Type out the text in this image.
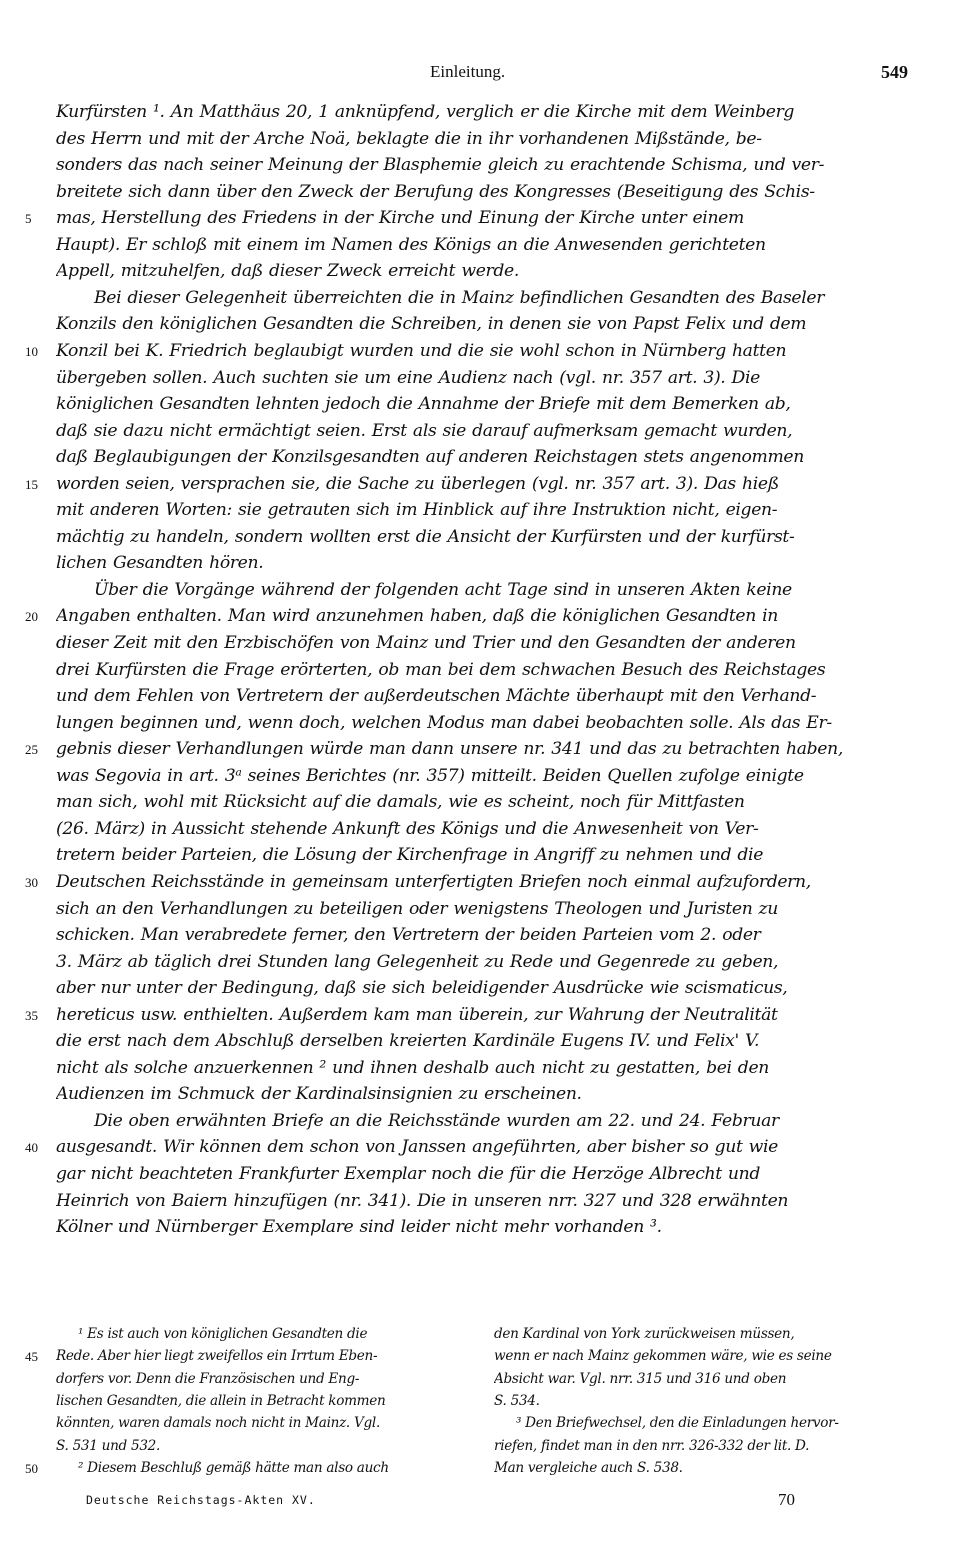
Einleitung.	549
Kurfürsten ¹. An Matthäus 20, 1 anknüpfend, verglich er die Kirche mit dem Weinberg
des Herrn und mit der Arche Noä, beklagte die in ihr vorhandenen Mißstände, be-
sonders das nach seiner Meinung der Blasphemie gleich zu erachtende Schisma, und ver-
breitete sich dann über den Zweck der Berufung des Kongresses (Beseitigung des Schis-
mas, Herstellung des Friedens in der Kirche und Einung der Kirche unter einem
Haupt). Er schloß mit einem im Namen des Königs an die Anwesenden gerichteten
Appell, mitzuhelfen, daß dieser Zweck erreicht werde.
Bei dieser Gelegenheit überreichten die in Mainz befindlichen Gesandten des Baseler
Konzils den königlichen Gesandten die Schreiben, in denen sie von Papst Felix und dem
Konzil bei K. Friedrich beglaubigt wurden und die sie wohl schon in Nürnberg hatten
übergeben sollen. Auch suchten sie um eine Audienz nach (vgl. nr. 357 art. 3). Die
königlichen Gesandten lehnten jedoch die Annahme der Briefe mit dem Bemerken ab,
daß sie dazu nicht ermächtigt seien. Erst als sie darauf aufmerksam gemacht wurden,
daß Beglaubigungen der Konzilsgesandten auf anderen Reichstagen stets angenommen
worden seien, versprachen sie, die Sache zu überlegen (vgl. nr. 357 art. 3). Das hieß
mit anderen Worten: sie getrauten sich im Hinblick auf ihre Instruktion nicht, eigen-
mächtig zu handeln, sondern wollten erst die Ansicht der Kurfürsten und der kurfürst-
lichen Gesandten hören.
Über die Vorgänge während der folgenden acht Tage sind in unseren Akten keine
Angaben enthalten. Man wird anzunehmen haben, daß die königlichen Gesandten in
dieser Zeit mit den Erzbischöfen von Mainz und Trier und den Gesandten der anderen
drei Kurfürsten die Frage erörterten, ob man bei dem schwachen Besuch des Reichstages
und dem Fehlen von Vertretern der außerdeutschen Mächte überhaupt mit den Verhand-
lungen beginnen und, wenn doch, welchen Modus man dabei beobachten solle. Als das Er-
gebnis dieser Verhandlungen würde man dann unsere nr. 341 und das zu betrachten haben,
was Segovia in art. 3ᵃ seines Berichtes (nr. 357) mitteilt. Beiden Quellen zufolge einigte
man sich, wohl mit Rücksicht auf die damals, wie es scheint, noch für Mittfasten
(26. März) in Aussicht stehende Ankunft des Königs und die Anwesenheit von Ver-
tretern beider Parteien, die Lösung der Kirchenfrage in Angriff zu nehmen und die
Deutschen Reichsstände in gemeinsam unterfertigten Briefen noch einmal aufzufordern,
sich an den Verhandlungen zu beteiligen oder wenigstens Theologen und Juristen zu
schicken. Man verabredete ferner, den Vertretern der beiden Parteien vom 2. oder
3. März ab täglich drei Stunden lang Gelegenheit zu Rede und Gegenrede zu geben,
aber nur unter der Bedingung, daß sie sich beleidigender Ausdrücke wie scismaticus,
hereticus usw. enthielten. Außerdem kam man überein, zur Wahrung der Neutralität
die erst nach dem Abschluß derselben kreierten Kardinäle Eugens IV. und Felix' V.
nicht als solche anzuerkennen ² und ihnen deshalb auch nicht zu gestatten, bei den
Audienzen im Schmuck der Kardinalsinsignien zu erscheinen.
Die oben erwähnten Briefe an die Reichsstände wurden am 22. und 24. Februar
ausgesandt. Wir können dem schon von Janssen angeführten, aber bisher so gut wie
gar nicht beachteten Frankfurter Exemplar noch die für die Herzöge Albrecht und
Heinrich von Baiern hinzufügen (nr. 341). Die in unseren nrr. 327 und 328 erwähnten
Kölner und Nürnberger Exemplare sind leider nicht mehr vorhanden ³.
5
10
15
20
25
30
35
40
¹ Es ist auch von königlichen Gesandten die
Rede. Aber hier liegt zweifellos ein Irrtum Eben-
dorfers vor. Denn die Französischen und Eng-
lischen Gesandten, die allein in Betracht kommen
könnten, waren damals noch nicht in Mainz. Vgl.
S. 531 und 532.
² Diesem Beschluß gemäß hätte man also auch
den Kardinal von York zurückweisen müssen,
wenn er nach Mainz gekommen wäre, wie es seine
Absicht war. Vgl. nrr. 315 und 316 und oben
S. 534.
³ Den Briefwechsel, den die Einladungen hervor-
riefen, findet man in den nrr. 326-332 der lit. D.
Man vergleiche auch S. 538.
45
50
Deutsche Reichstags-Akten XV.	70
